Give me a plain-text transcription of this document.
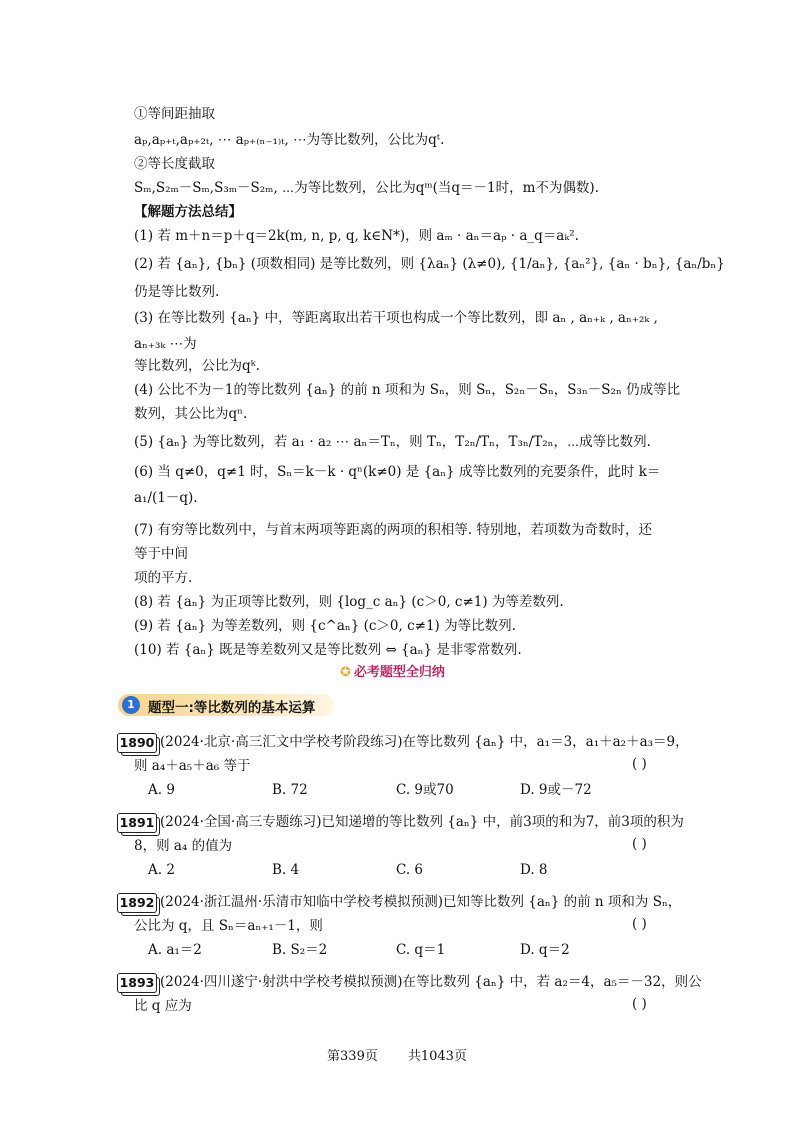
①等间距抽取
aₚ,aₚ₊ₜ,aₚ₊₂ₜ, ⋯ aₚ₊₍ₙ₋₁₎ₜ, ⋯为等比数列，公比为qᵗ.
②等长度截取
Sₘ,S₂ₘ－Sₘ,S₃ₘ－S₂ₘ, ⋯为等比数列，公比为qᵐ(当q＝－1时，m不为偶数).
【解题方法总结】
(1) 若 m＋n＝p＋q＝2k(m, n, p, q, k∈N*)，则 aₘ · aₙ＝aₚ · a_q＝aₖ².
(2) 若 {aₙ}, {bₙ} (项数相同) 是等比数列，则 {λaₙ} (λ≠0), {1/aₙ}, {aₙ²}, {aₙ · bₙ}, {aₙ/bₙ}
仍是等比数列.
(3) 在等比数列 {aₙ} 中，等距离取出若干项也构成一个等比数列，即 aₙ , aₙ₊ₖ , aₙ₊₂ₖ ,
aₙ₊₃ₖ ⋯为
等比数列，公比为qᵏ.
(4) 公比不为－1的等比数列 {aₙ} 的前 n 项和为 Sₙ，则 Sₙ，S₂ₙ－Sₙ，S₃ₙ－S₂ₙ 仍成等比
数列，其公比为qⁿ.
(5) {aₙ} 为等比数列，若 a₁ · a₂ ⋯ aₙ＝Tₙ，则 Tₙ，T₂ₙ/Tₙ，T₃ₙ/T₂ₙ，⋯成等比数列.
(6) 当 q≠0，q≠1 时，Sₙ＝k－k · qⁿ(k≠0) 是 {aₙ} 成等比数列的充要条件，此时 k＝
a₁/(1－q).
(7) 有穷等比数列中，与首末两项等距离的两项的积相等. 特别地，若项数为奇数时，还
等于中间
项的平方.
(8) 若 {aₙ} 为正项等比数列，则 {log_c aₙ} (c＞0, c≠1) 为等差数列.
(9) 若 {aₙ} 为等差数列，则 {c^aₙ} (c＞0, c≠1) 为等比数列.
(10) 若 {aₙ} 既是等差数列又是等比数列 ⇔ {aₙ} 是非零常数列.
✪ 必考题型全归纳
1 题型一:等比数列的基本运算
1890 (2024·北京·高三汇文中学校考阶段练习)在等比数列 {aₙ} 中，a₁＝3，a₁＋a₂＋a₃＝9，
则 a₄＋a₅＋a₆ 等于	( )
A. 9	B. 72	C. 9或70	D. 9或－72
1891 (2024·全国·高三专题练习)已知递增的等比数列 {aₙ} 中，前3项的和为7，前3项的积为
8，则 a₄ 的值为	( )
A. 2	B. 4	C. 6	D. 8
1892 (2024·浙江温州·乐清市知临中学校考模拟预测)已知等比数列 {aₙ} 的前 n 项和为 Sₙ，
公比为 q，且 Sₙ＝aₙ₊₁－1，则	( )
A. a₁＝2	B. S₂＝2	C. q＝1	D. q＝2
1893 (2024·四川遂宁·射洪中学校考模拟预测)在等比数列 {aₙ} 中，若 a₂＝4，a₅＝－32，则公
比 q 应为	( )
第339页 共1043页
